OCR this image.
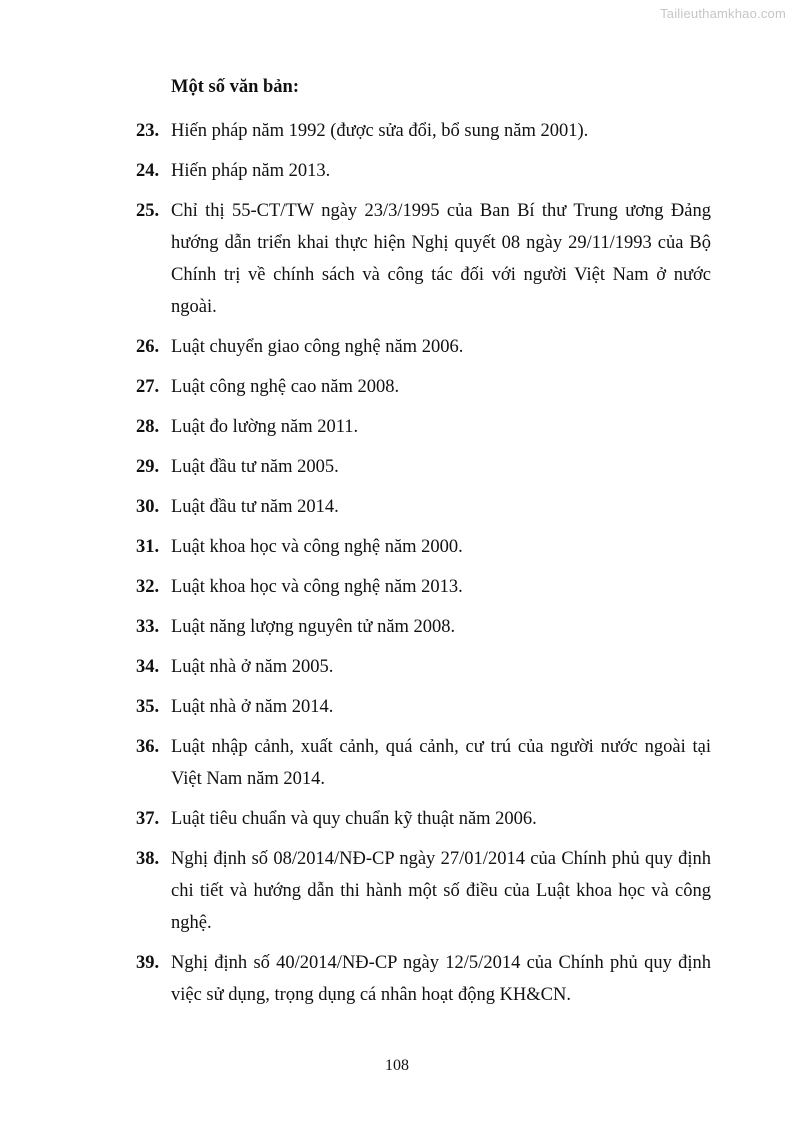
Tailieuthamkhao.com
Một số văn bản:
23. Hiến pháp năm 1992 (được sửa đổi, bổ sung năm 2001).
24. Hiến pháp năm 2013.
25. Chỉ thị 55-CT/TW ngày 23/3/1995 của Ban Bí thư Trung ương Đảng hướng dẫn triển khai thực hiện Nghị quyết 08 ngày 29/11/1993 của Bộ Chính trị về chính sách và công tác đối với người Việt Nam ở nước ngoài.
26. Luật chuyển giao công nghệ năm 2006.
27. Luật công nghệ cao năm 2008.
28. Luật đo lường năm 2011.
29. Luật đầu tư năm 2005.
30. Luật đầu tư năm 2014.
31. Luật khoa học và công nghệ năm 2000.
32. Luật khoa học và công nghệ năm 2013.
33. Luật năng lượng nguyên tử năm 2008.
34. Luật nhà ở năm 2005.
35. Luật nhà ở năm 2014.
36. Luật nhập cảnh, xuất cảnh, quá cảnh, cư trú của người nước ngoài tại Việt Nam năm 2014.
37. Luật tiêu chuẩn và quy chuẩn kỹ thuật năm 2006.
38. Nghị định số 08/2014/NĐ-CP ngày 27/01/2014 của Chính phủ quy định chi tiết và hướng dẫn thi hành một số điều của Luật khoa học và công nghệ.
39. Nghị định số 40/2014/NĐ-CP ngày 12/5/2014 của Chính phủ quy định việc sử dụng, trọng dụng cá nhân hoạt động KH&CN.
108
